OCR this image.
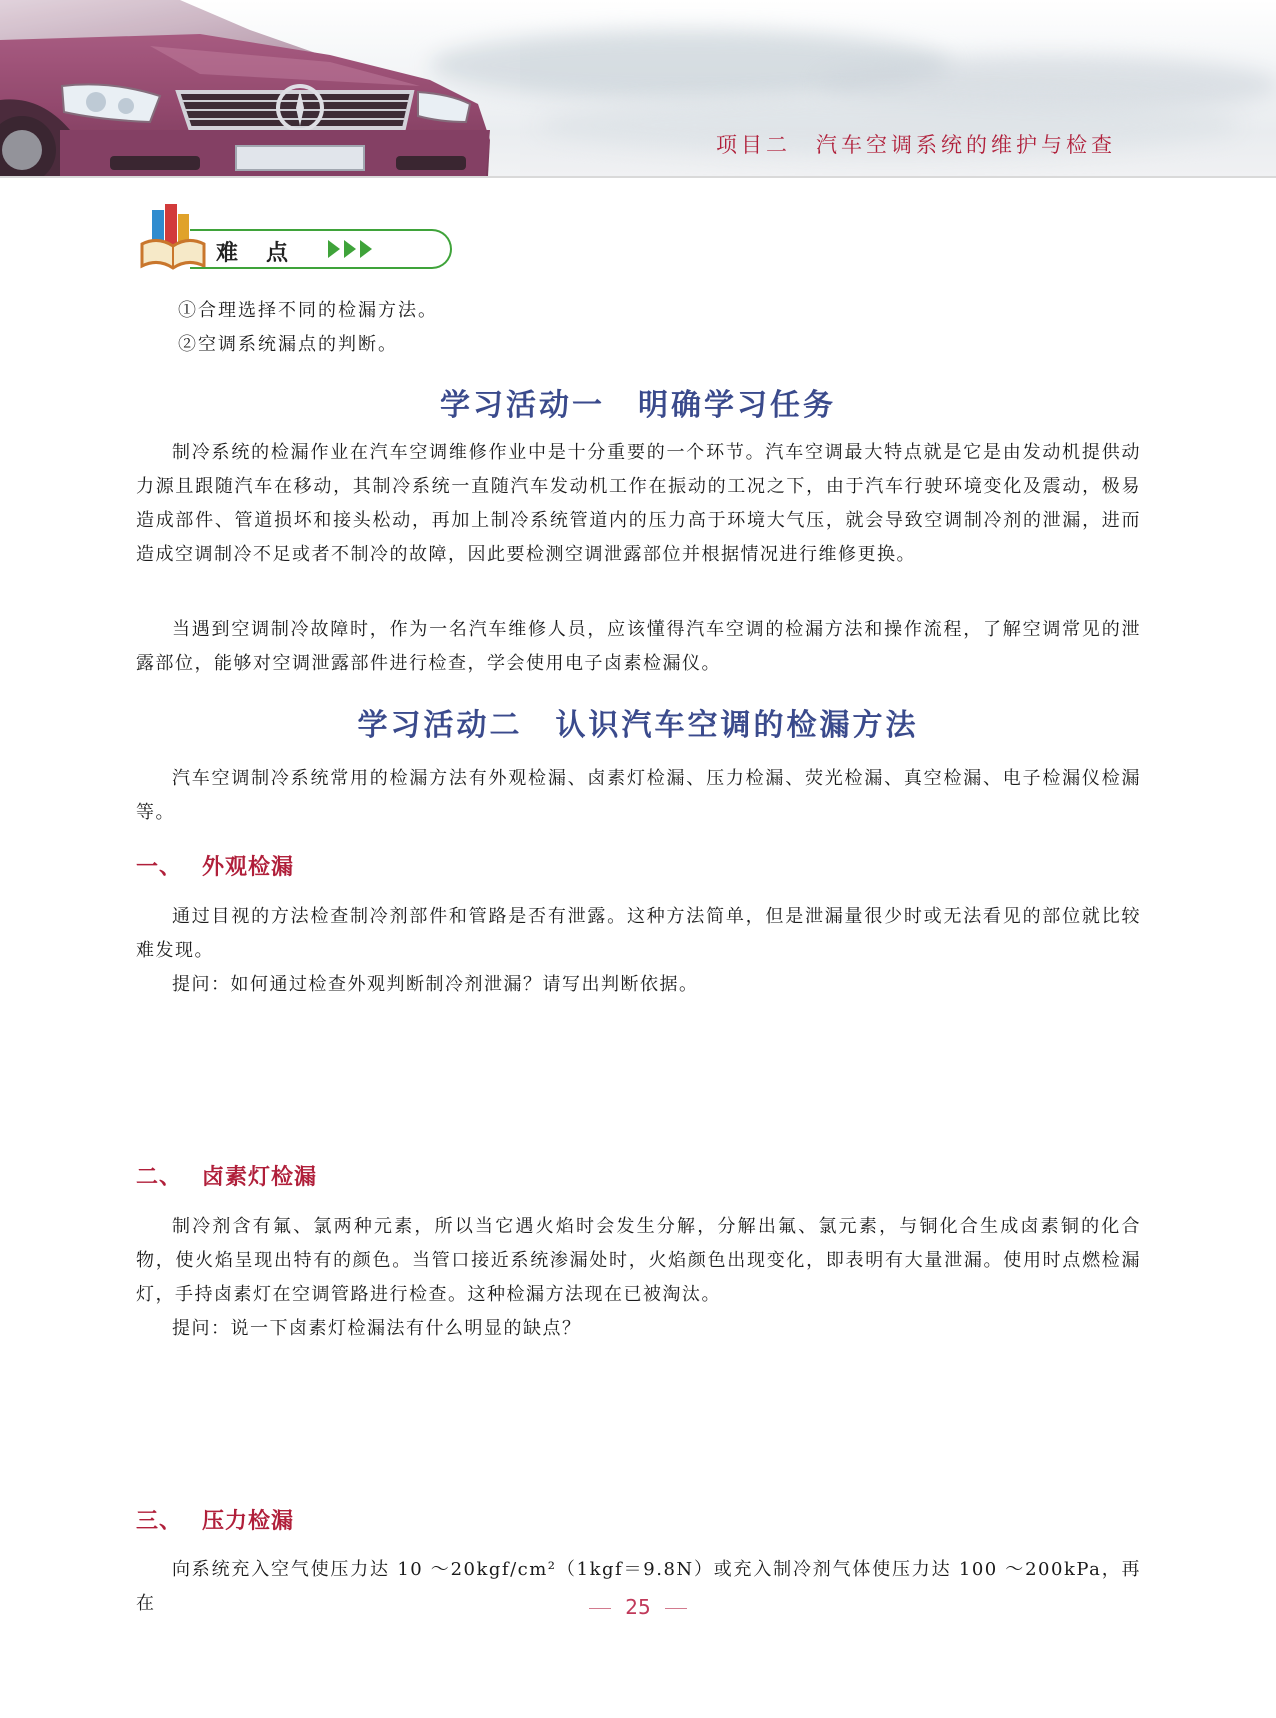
项目二　汽车空调系统的维护与检查
难点
①合理选择不同的检漏方法。
②空调系统漏点的判断。
学习活动一　明确学习任务

制冷系统的检漏作业在汽车空调维修作业中是十分重要的一个环节。汽车空调最大特点就是它是由发动机提供动力源且跟随汽车在移动，其制冷系统一直随汽车发动机工作在振动的工况之下，由于汽车行驶环境变化及震动，极易造成部件、管道损坏和接头松动，再加上制冷系统管道内的压力高于环境大气压，就会导致空调制冷剂的泄漏，进而造成空调制冷不足或者不制冷的故障，因此要检测空调泄露部位并根据情况进行维修更换。

当遇到空调制冷故障时，作为一名汽车维修人员，应该懂得汽车空调的检漏方法和操作流程，了解空调常见的泄露部位，能够对空调泄露部件进行检查，学会使用电子卤素检漏仪。

学习活动二　认识汽车空调的检漏方法

汽车空调制冷系统常用的检漏方法有外观检漏、卤素灯检漏、压力检漏、荧光检漏、真空检漏、电子检漏仪检漏等。

一、 外观检漏

通过目视的方法检查制冷剂部件和管路是否有泄露。这种方法简单，但是泄漏量很少时或无法看见的部位就比较难发现。

提问：如何通过检查外观判断制冷剂泄漏？请写出判断依据。

二、 卤素灯检漏

制冷剂含有氟、氯两种元素，所以当它遇火焰时会发生分解，分解出氟、氯元素，与铜化合生成卤素铜的化合物，使火焰呈现出特有的颜色。当管口接近系统渗漏处时，火焰颜色出现变化，即表明有大量泄漏。使用时点燃检漏灯，手持卤素灯在空调管路进行检查。这种检漏方法现在已被淘汰。

提问：说一下卤素灯检漏法有什么明显的缺点？

三、 压力检漏

向系统充入空气使压力达 10 ～20kgf/cm²（1kgf＝9.8N）或充入制冷剂气体使压力达 100 ～200kPa，再在	25
